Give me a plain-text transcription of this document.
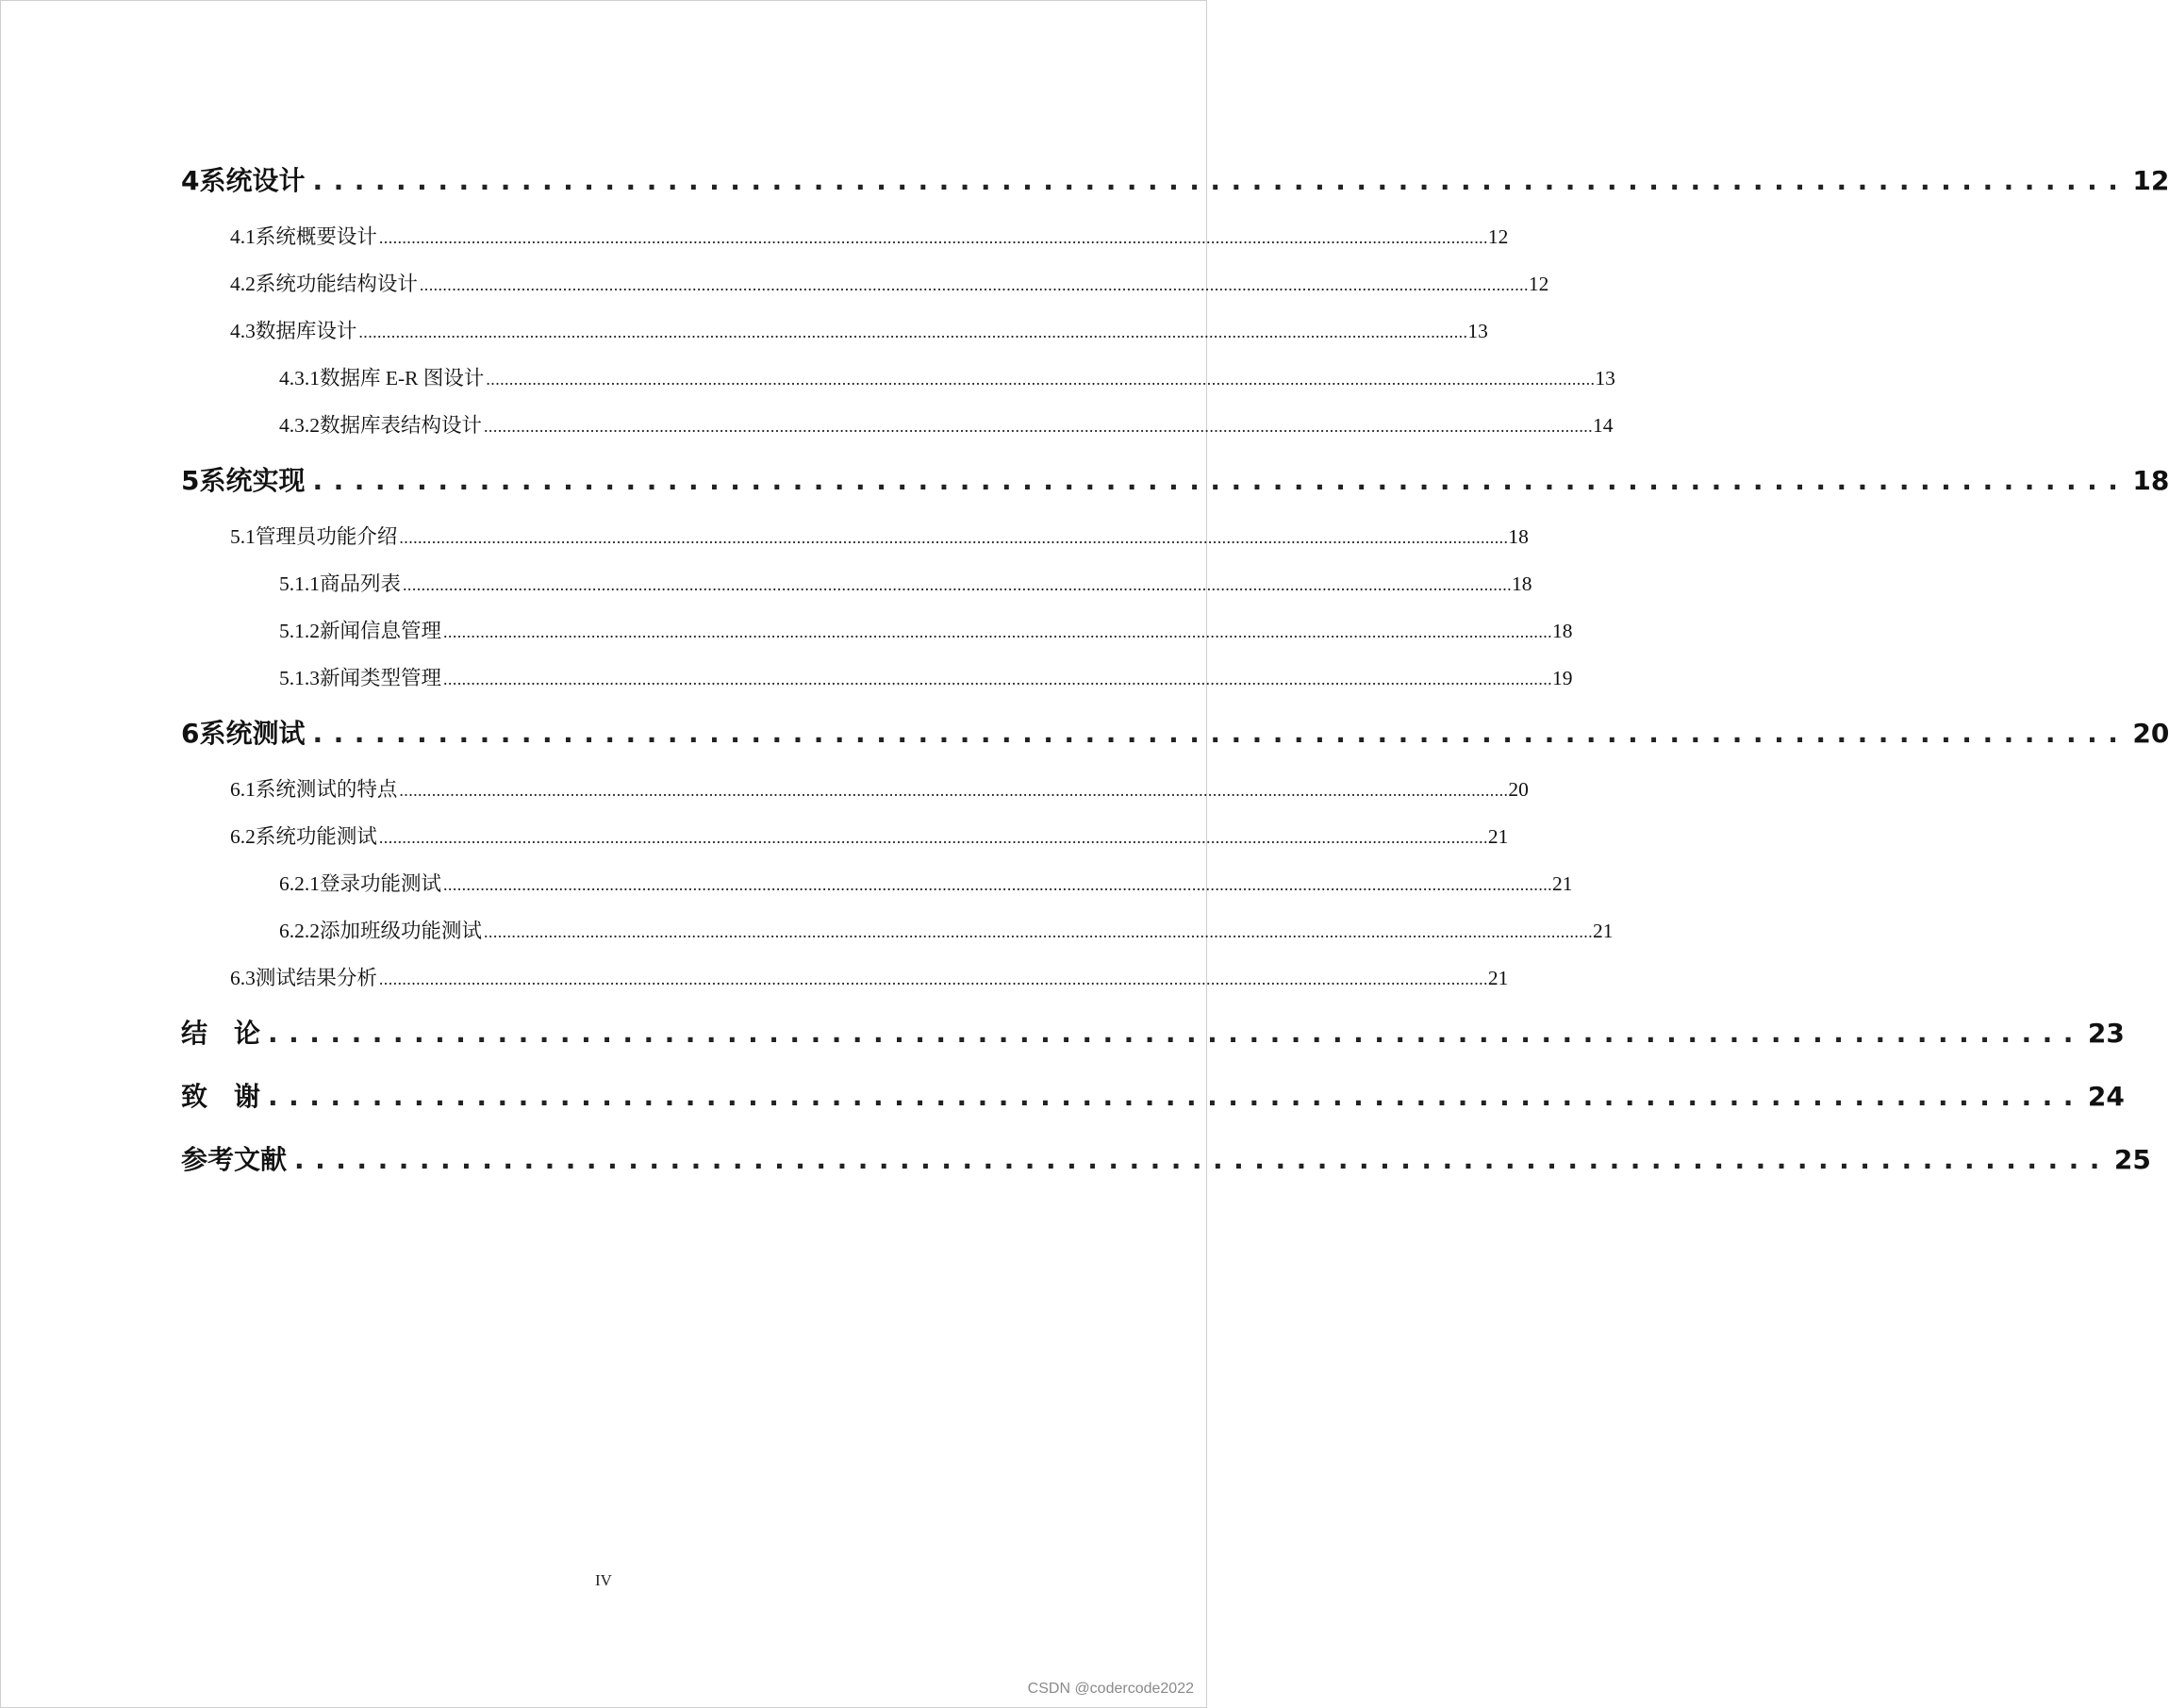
4 系统设计 ....................................................................................... 12
4.1 系统概要设计 ................................................................................................................................................................................................................................................ 12
4.2 系统功能结构设计 ................................................................................................................................................................................................................................................ 12
4.3 数据库设计 ................................................................................................................................................................................................................................................ 13
4.3.1 数据库 E-R 图设计 ................................................................................................................................................................................................................................................ 13
4.3.2 数据库表结构设计 ................................................................................................................................................................................................................................................ 14
5 系统实现 ....................................................................................... 18
5.1 管理员功能介绍 ................................................................................................................................................................................................................................................ 18
5.1.1 商品列表 ................................................................................................................................................................................................................................................ 18
5.1.2 新闻信息管理 ................................................................................................................................................................................................................................................ 18
5.1.3 新闻类型管理 ................................................................................................................................................................................................................................................ 19
6 系统测试 ....................................................................................... 20
6.1 系统测试的特点 ................................................................................................................................................................................................................................................ 20
6.2 系统功能测试 ................................................................................................................................................................................................................................................ 21
6.2.1 登录功能测试 ................................................................................................................................................................................................................................................ 21
6.2.2 添加班级功能测试 ................................................................................................................................................................................................................................................ 21
6.3 测试结果分析 ................................................................................................................................................................................................................................................ 21
结　论 ....................................................................................... 23
致　谢 ....................................................................................... 24
参考文献 ....................................................................................... 25
IV
CSDN @codercode2022
